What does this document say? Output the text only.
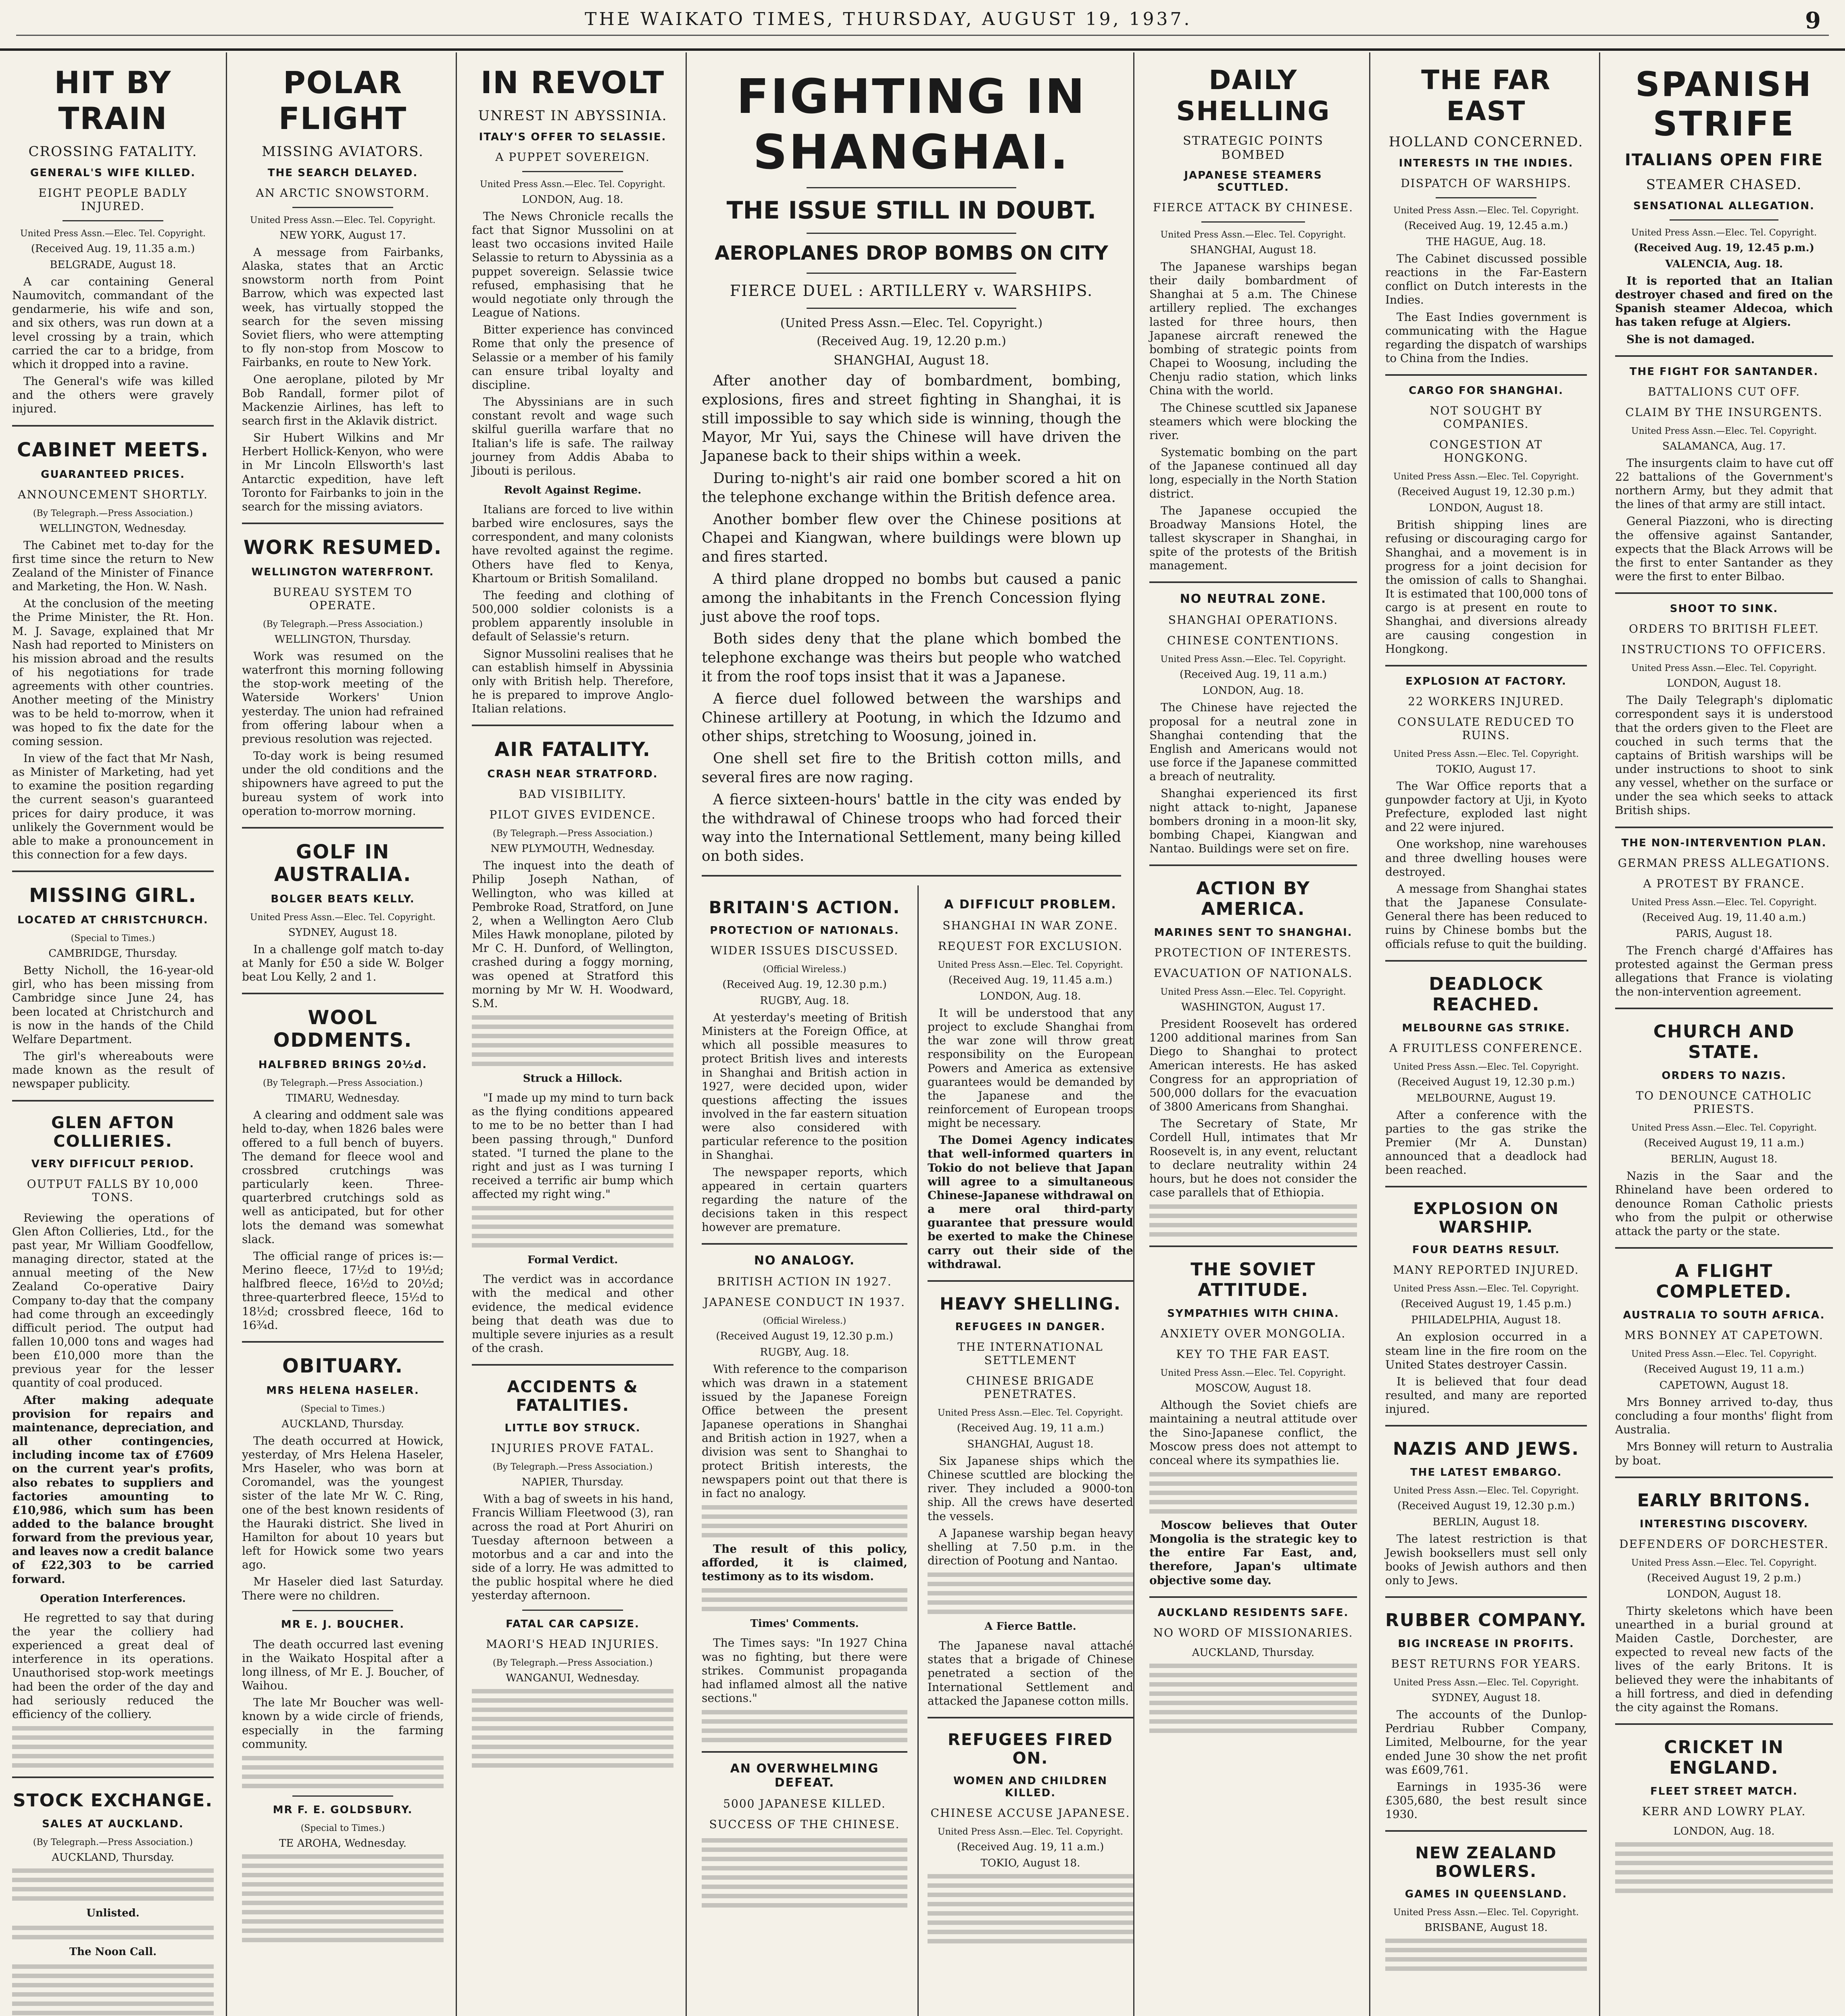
THE WAIKATO TIMES, THURSDAY, AUGUST 19, 1937.	9
HIT BY TRAIN
CROSSING FATALITY.
GENERAL'S WIFE KILLED.
EIGHT PEOPLE BADLY INJURED.
United Press Assn.—Elec. Tel. Copyright.
(Received Aug. 19, 11.35 a.m.)
BELGRADE, August 18.

A car containing General Naumovitch, commandant of the gendarmerie, his wife and son, and six others, was run down at a level crossing by a train, which carried the car to a bridge, from which it dropped into a ravine.

The General's wife was killed and the others were gravely injured.

CABINET MEETS.
GUARANTEED PRICES.
ANNOUNCEMENT SHORTLY.
(By Telegraph.—Press Association.)
WELLINGTON, Wednesday.

The Cabinet met to-day for the first time since the return to New Zealand of the Minister of Finance and Marketing, the Hon. W. Nash.

At the conclusion of the meeting the Prime Minister, the Rt. Hon. M. J. Savage, explained that Mr Nash had reported to Ministers on his mission abroad and the results of his negotiations for trade agreements with other countries. Another meeting of the Ministry was to be held to-morrow, when it was hoped to fix the date for the coming session.

In view of the fact that Mr Nash, as Minister of Marketing, had yet to examine the position regarding the current season's guaranteed prices for dairy produce, it was unlikely the Government would be able to make a pronouncement in this connection for a few days.

MISSING GIRL.
LOCATED AT CHRISTCHURCH.
(Special to Times.)
CAMBRIDGE, Thursday.

Betty Nicholl, the 16-year-old girl, who has been missing from Cambridge since June 24, has been located at Christchurch and is now in the hands of the Child Welfare Department.

The girl's whereabouts were made known as the result of newspaper publicity.

GLEN AFTON COLLIERIES.
VERY DIFFICULT PERIOD.
OUTPUT FALLS BY 10,000 TONS.

Reviewing the operations of Glen Afton Collieries, Ltd., for the past year, Mr William Goodfellow, managing director, stated at the annual meeting of the New Zealand Co-operative Dairy Company to-day that the company had come through an exceedingly difficult period. The output had fallen 10,000 tons and wages had been £10,000 more than the previous year for the lesser quantity of coal produced.

After making adequate provision for repairs and maintenance, depreciation, and all other contingencies, including income tax of £7609 on the current year's profits, also rebates to suppliers and factories amounting to £10,986, which sum has been added to the balance brought forward from the previous year, and leaves now a credit balance of £22,303 to be carried forward.

Operation Interferences.

He regretted to say that during the year the colliery had experienced a great deal of interference in its operations. Unauthorised stop-work meetings had been the order of the day and had seriously reduced the efficiency of the colliery.

STOCK EXCHANGE.
SALES AT AUCKLAND.
(By Telegraph.—Press Association.)
AUCKLAND, Thursday.
Unlisted.
The Noon Call.
POLAR FLIGHT
MISSING AVIATORS.
THE SEARCH DELAYED.
AN ARCTIC SNOWSTORM.
United Press Assn.—Elec. Tel. Copyright.
NEW YORK, August 17.

A message from Fairbanks, Alaska, states that an Arctic snowstorm north from Point Barrow, which was expected last week, has virtually stopped the search for the seven missing Soviet fliers, who were attempting to fly non-stop from Moscow to Fairbanks, en route to New York.

One aeroplane, piloted by Mr Bob Randall, former pilot of Mackenzie Airlines, has left to search first in the Aklavik district.

Sir Hubert Wilkins and Mr Herbert Hollick-Kenyon, who were in Mr Lincoln Ellsworth's last Antarctic expedition, have left Toronto for Fairbanks to join in the search for the missing aviators.

WORK RESUMED.
WELLINGTON WATERFRONT.
BUREAU SYSTEM TO OPERATE.
(By Telegraph.—Press Association.)
WELLINGTON, Thursday.

Work was resumed on the waterfront this morning following the stop-work meeting of the Waterside Workers' Union yesterday. The union had refrained from offering labour when a previous resolution was rejected.

To-day work is being resumed under the old conditions and the shipowners have agreed to put the bureau system of work into operation to-morrow morning.

GOLF IN AUSTRALIA.
BOLGER BEATS KELLY.
United Press Assn.—Elec. Tel. Copyright.
SYDNEY, August 18.

In a challenge golf match to-day at Manly for £50 a side W. Bolger beat Lou Kelly, 2 and 1.

WOOL ODDMENTS.
HALFBRED BRINGS 20½d.
(By Telegraph.—Press Association.)
TIMARU, Wednesday.

A clearing and oddment sale was held to-day, when 1826 bales were offered to a full bench of buyers. The demand for fleece wool and crossbred crutchings was particularly keen. Three-quarterbred crutchings sold as well as anticipated, but for other lots the demand was somewhat slack.

The official range of prices is:— Merino fleece, 17½d to 19½d; halfbred fleece, 16½d to 20½d; three-quarterbred fleece, 15½d to 18½d; crossbred fleece, 16d to 16¾d.

OBITUARY.
MRS HELENA HASELER.
(Special to Times.)
AUCKLAND, Thursday.

The death occurred at Howick, yesterday, of Mrs Helena Haseler, Mrs Haseler, who was born at Coromandel, was the youngest sister of the late Mr W. C. Ring, one of the best known residents of the Hauraki district. She lived in Hamilton for about 10 years but left for Howick some two years ago.

Mr Haseler died last Saturday. There were no children.

MR E. J. BOUCHER.

The death occurred last evening in the Waikato Hospital after a long illness, of Mr E. J. Boucher, of Waihou.

The late Mr Boucher was well-known by a wide circle of friends, especially in the farming community.

MR F. E. GOLDSBURY.
(Special to Times.)
TE AROHA, Wednesday.
IN REVOLT
UNREST IN ABYSSINIA.
ITALY'S OFFER TO SELASSIE.
A PUPPET SOVEREIGN.
United Press Assn.—Elec. Tel. Copyright.
LONDON, Aug. 18.

The News Chronicle recalls the fact that Signor Mussolini on at least two occasions invited Haile Selassie to return to Abyssinia as a puppet sovereign. Selassie twice refused, emphasising that he would negotiate only through the League of Nations.

Bitter experience has convinced Rome that only the presence of Selassie or a member of his family can ensure tribal loyalty and discipline.

The Abyssinians are in such constant revolt and wage such skilful guerilla warfare that no Italian's life is safe. The railway journey from Addis Ababa to Jibouti is perilous.

Revolt Against Regime.

Italians are forced to live within barbed wire enclosures, says the correspondent, and many colonists have revolted against the regime. Others have fled to Kenya, Khartoum or British Somaliland.

The feeding and clothing of 500,000 soldier colonists is a problem apparently insoluble in default of Selassie's return.

Signor Mussolini realises that he can establish himself in Abyssinia only with British help. Therefore, he is prepared to improve Anglo-Italian relations.

AIR FATALITY.
CRASH NEAR STRATFORD.
BAD VISIBILITY.
PILOT GIVES EVIDENCE.
(By Telegraph.—Press Association.)
NEW PLYMOUTH, Wednesday.

The inquest into the death of Philip Joseph Nathan, of Wellington, who was killed at Pembroke Road, Stratford, on June 2, when a Wellington Aero Club Miles Hawk monoplane, piloted by Mr C. H. Dunford, of Wellington, crashed during a foggy morning, was opened at Stratford this morning by Mr W. H. Woodward, S.M.

Struck a Hillock.

"I made up my mind to turn back as the flying conditions appeared to me to be no better than I had been passing through," Dunford stated. "I turned the plane to the right and just as I was turning I received a terrific air bump which affected my right wing."

Formal Verdict.

The verdict was in accordance with the medical and other evidence, the medical evidence being that death was due to multiple severe injuries as a result of the crash.

ACCIDENTS & FATALITIES.
LITTLE BOY STRUCK.
INJURIES PROVE FATAL.
(By Telegraph.—Press Association.)
NAPIER, Thursday.

With a bag of sweets in his hand, Francis William Fleetwood (3), ran across the road at Port Ahuriri on Tuesday afternoon between a motorbus and a car and into the side of a lorry. He was admitted to the public hospital where he died yesterday afternoon.

FATAL CAR CAPSIZE.
MAORI'S HEAD INJURIES.
(By Telegraph.—Press Association.)
WANGANUI, Wednesday.
FIGHTING IN SHANGHAI.
THE ISSUE STILL IN DOUBT.
AEROPLANES DROP BOMBS ON CITY
FIERCE DUEL : ARTILLERY v. WARSHIPS.
(United Press Assn.—Elec. Tel. Copyright.)
(Received Aug. 19, 12.20 p.m.)
SHANGHAI, August 18.

After another day of bombardment, bombing, explosions, fires and street fighting in Shanghai, it is still impossible to say which side is winning, though the Mayor, Mr Yui, says the Chinese will have driven the Japanese back to their ships within a week.

During to-night's air raid one bomber scored a hit on the telephone exchange within the British defence area.

Another bomber flew over the Chinese positions at Chapei and Kiangwan, where buildings were blown up and fires started.

A third plane dropped no bombs but caused a panic among the inhabitants in the French Concession flying just above the roof tops.

Both sides deny that the plane which bombed the telephone exchange was theirs but people who watched it from the roof tops insist that it was a Japanese.

A fierce duel followed between the warships and Chinese artillery at Pootung, in which the Idzumo and other ships, stretching to Woosung, joined in.

One shell set fire to the British cotton mills, and several fires are now raging.

A fierce sixteen-hours' battle in the city was ended by the withdrawal of Chinese troops who had forced their way into the International Settlement, many being killed on both sides.

BRITAIN'S ACTION.
PROTECTION OF NATIONALS.
WIDER ISSUES DISCUSSED.
(Official Wireless.)
(Received Aug. 19, 12.30 p.m.)
RUGBY, Aug. 18.

At yesterday's meeting of British Ministers at the Foreign Office, at which all possible measures to protect British lives and interests in Shanghai and British action in 1927, were decided upon, wider questions affecting the issues involved in the far eastern situation were also considered with particular reference to the position in Shanghai.

The newspaper reports, which appeared in certain quarters regarding the nature of the decisions taken in this respect however are premature.

NO ANALOGY.
BRITISH ACTION IN 1927.
JAPANESE CONDUCT IN 1937.
(Official Wireless.)
(Received August 19, 12.30 p.m.)
RUGBY, Aug. 18.

With reference to the comparison which was drawn in a statement issued by the Japanese Foreign Office between the present Japanese operations in Shanghai and British action in 1927, when a division was sent to Shanghai to protect British interests, the newspapers point out that there is in fact no analogy.

The result of this policy, afforded, it is claimed, testimony as to its wisdom.

Times' Comments.

The Times says: "In 1927 China was no fighting, but there were strikes. Communist propaganda had inflamed almost all the native sections."

AN OVERWHELMING DEFEAT.
5000 JAPANESE KILLED.
SUCCESS OF THE CHINESE.
A DIFFICULT PROBLEM.
SHANGHAI IN WAR ZONE.
REQUEST FOR EXCLUSION.
United Press Assn.—Elec. Tel. Copyright.
(Received Aug. 19, 11.45 a.m.)
LONDON, Aug. 18.

It will be understood that any project to exclude Shanghai from the war zone will throw great responsibility on the European Powers and America as extensive guarantees would be demanded by the Japanese and the reinforcement of European troops might be necessary.

The Domei Agency indicates that well-informed quarters in Tokio do not believe that Japan will agree to a simultaneous Chinese-Japanese withdrawal on a mere oral third-party guarantee that pressure would be exerted to make the Chinese carry out their side of the withdrawal.

HEAVY SHELLING.
REFUGEES IN DANGER.
THE INTERNATIONAL SETTLEMENT
CHINESE BRIGADE PENETRATES.
United Press Assn.—Elec. Tel. Copyright.
(Received Aug. 19, 11 a.m.)
SHANGHAI, August 18.

Six Japanese ships which the Chinese scuttled are blocking the river. They included a 9000-ton ship. All the crews have deserted the vessels.

A Japanese warship began heavy shelling at 7.50 p.m. in the direction of Pootung and Nantao.

A Fierce Battle.

The Japanese naval attaché states that a brigade of Chinese penetrated a section of the International Settlement and attacked the Japanese cotton mills.

REFUGEES FIRED ON.
WOMEN AND CHILDREN KILLED.
CHINESE ACCUSE JAPANESE.
United Press Assn.—Elec. Tel. Copyright.
(Received Aug. 19, 11 a.m.)
TOKIO, August 18.
DAILY SHELLING
STRATEGIC POINTS BOMBED
JAPANESE STEAMERS SCUTTLED.
FIERCE ATTACK BY CHINESE.
United Press Assn.—Elec. Tel. Copyright.
SHANGHAI, August 18.

The Japanese warships began their daily bombardment of Shanghai at 5 a.m. The Chinese artillery replied. The exchanges lasted for three hours, then Japanese aircraft renewed the bombing of strategic points from Chapei to Woosung, including the Chenju radio station, which links China with the world.

The Chinese scuttled six Japanese steamers which were blocking the river.

Systematic bombing on the part of the Japanese continued all day long, especially in the North Station district.

The Japanese occupied the Broadway Mansions Hotel, the tallest skyscraper in Shanghai, in spite of the protests of the British management.

NO NEUTRAL ZONE.
SHANGHAI OPERATIONS.
CHINESE CONTENTIONS.
United Press Assn.—Elec. Tel. Copyright.
(Received Aug. 19, 11 a.m.)
LONDON, Aug. 18.

The Chinese have rejected the proposal for a neutral zone in Shanghai contending that the English and Americans would not use force if the Japanese committed a breach of neutrality.

Shanghai experienced its first night attack to-night, Japanese bombers droning in a moon-lit sky, bombing Chapei, Kiangwan and Nantao. Buildings were set on fire.

ACTION BY AMERICA.
MARINES SENT TO SHANGHAI.
PROTECTION OF INTERESTS.
EVACUATION OF NATIONALS.
United Press Assn.—Elec. Tel. Copyright.
WASHINGTON, August 17.

President Roosevelt has ordered 1200 additional marines from San Diego to Shanghai to protect American interests. He has asked Congress for an appropriation of 500,000 dollars for the evacuation of 3800 Americans from Shanghai.

The Secretary of State, Mr Cordell Hull, intimates that Mr Roosevelt is, in any event, reluctant to declare neutrality within 24 hours, but he does not consider the case parallels that of Ethiopia.

THE SOVIET ATTITUDE.
SYMPATHIES WITH CHINA.
ANXIETY OVER MONGOLIA.
KEY TO THE FAR EAST.
United Press Assn.—Elec. Tel. Copyright.
MOSCOW, August 18.

Although the Soviet chiefs are maintaining a neutral attitude over the Sino-Japanese conflict, the Moscow press does not attempt to conceal where its sympathies lie.

Moscow believes that Outer Mongolia is the strategic key to the entire Far East, and, therefore, Japan's ultimate objective some day.

AUCKLAND RESIDENTS SAFE.
NO WORD OF MISSIONARIES.
AUCKLAND, Thursday.
THE FAR EAST
HOLLAND CONCERNED.
INTERESTS IN THE INDIES.
DISPATCH OF WARSHIPS.
United Press Assn.—Elec. Tel. Copyright.
(Received Aug. 19, 12.45 a.m.)
THE HAGUE, Aug. 18.

The Cabinet discussed possible reactions in the Far-Eastern conflict on Dutch interests in the Indies.

The East Indies government is communicating with the Hague regarding the dispatch of warships to China from the Indies.

CARGO FOR SHANGHAI.
NOT SOUGHT BY COMPANIES.
CONGESTION AT HONGKONG.
United Press Assn.—Elec. Tel. Copyright.
(Received August 19, 12.30 p.m.)
LONDON, August 18.

British shipping lines are refusing or discouraging cargo for Shanghai, and a movement is in progress for a joint decision for the omission of calls to Shanghai. It is estimated that 100,000 tons of cargo is at present en route to Shanghai, and diversions already are causing congestion in Hongkong.

EXPLOSION AT FACTORY.
22 WORKERS INJURED.
CONSULATE REDUCED TO RUINS.
United Press Assn.—Elec. Tel. Copyright.
TOKIO, August 17.

The War Office reports that a gunpowder factory at Uji, in Kyoto Prefecture, exploded last night and 22 were injured.

One workshop, nine warehouses and three dwelling houses were destroyed.

A message from Shanghai states that the Japanese Consulate-General there has been reduced to ruins by Chinese bombs but the officials refuse to quit the building.

DEADLOCK REACHED.
MELBOURNE GAS STRIKE.
A FRUITLESS CONFERENCE.
United Press Assn.—Elec. Tel. Copyright.
(Received August 19, 12.30 p.m.)
MELBOURNE, August 19.

After a conference with the parties to the gas strike the Premier (Mr A. Dunstan) announced that a deadlock had been reached.

EXPLOSION ON WARSHIP.
FOUR DEATHS RESULT.
MANY REPORTED INJURED.
United Press Assn.—Elec. Tel. Copyright.
(Received August 19, 1.45 p.m.)
PHILADELPHIA, August 18.

An explosion occurred in a steam line in the fire room on the United States destroyer Cassin.

It is believed that four dead resulted, and many are reported injured.

NAZIS AND JEWS.
THE LATEST EMBARGO.
United Press Assn.—Elec. Tel. Copyright.
(Received August 19, 12.30 p.m.)
BERLIN, August 18.

The latest restriction is that Jewish booksellers must sell only books of Jewish authors and then only to Jews.

RUBBER COMPANY.
BIG INCREASE IN PROFITS.
BEST RETURNS FOR YEARS.
United Press Assn.—Elec. Tel. Copyright.
SYDNEY, August 18.

The accounts of the Dunlop-Perdriau Rubber Company, Limited, Melbourne, for the year ended June 30 show the net profit was £609,761.

Earnings in 1935-36 were £305,680, the best result since 1930.

NEW ZEALAND BOWLERS.
GAMES IN QUEENSLAND.
United Press Assn.—Elec. Tel. Copyright.
BRISBANE, August 18.
SPANISH STRIFE
ITALIANS OPEN FIRE
STEAMER CHASED.
SENSATIONAL ALLEGATION.
United Press Assn.—Elec. Tel. Copyright.
(Received Aug. 19, 12.45 p.m.)
VALENCIA, Aug. 18.

It is reported that an Italian destroyer chased and fired on the Spanish steamer Aldecoa, which has taken refuge at Algiers.

She is not damaged.

THE FIGHT FOR SANTANDER.
BATTALIONS CUT OFF.
CLAIM BY THE INSURGENTS.
United Press Assn.—Elec. Tel. Copyright.
SALAMANCA, Aug. 17.

The insurgents claim to have cut off 22 battalions of the Government's northern Army, but they admit that the lines of that army are still intact.

General Piazzoni, who is directing the offensive against Santander, expects that the Black Arrows will be the first to enter Santander as they were the first to enter Bilbao.

SHOOT TO SINK.
ORDERS TO BRITISH FLEET.
INSTRUCTIONS TO OFFICERS.
United Press Assn.—Elec. Tel. Copyright.
LONDON, August 18.

The Daily Telegraph's diplomatic correspondent says it is understood that the orders given to the Fleet are couched in such terms that the captains of British warships will be under instructions to shoot to sink any vessel, whether on the surface or under the sea which seeks to attack British ships.

THE NON-INTERVENTION PLAN.
GERMAN PRESS ALLEGATIONS.
A PROTEST BY FRANCE.
United Press Assn.—Elec. Tel. Copyright.
(Received Aug. 19, 11.40 a.m.)
PARIS, August 18.

The French chargé d'Affaires has protested against the German press allegations that France is violating the non-intervention agreement.

CHURCH AND STATE.
ORDERS TO NAZIS.
TO DENOUNCE CATHOLIC PRIESTS.
United Press Assn.—Elec. Tel. Copyright.
(Received August 19, 11 a.m.)
BERLIN, August 18.

Nazis in the Saar and the Rhineland have been ordered to denounce Roman Catholic priests who from the pulpit or otherwise attack the party or the state.

A FLIGHT COMPLETED.
AUSTRALIA TO SOUTH AFRICA.
MRS BONNEY AT CAPETOWN.
United Press Assn.—Elec. Tel. Copyright.
(Received August 19, 11 a.m.)
CAPETOWN, August 18.

Mrs Bonney arrived to-day, thus concluding a four months' flight from Australia.

Mrs Bonney will return to Australia by boat.

EARLY BRITONS.
INTERESTING DISCOVERY.
DEFENDERS OF DORCHESTER.
United Press Assn.—Elec. Tel. Copyright.
(Received August 19, 2 p.m.)
LONDON, August 18.

Thirty skeletons which have been unearthed in a burial ground at Maiden Castle, Dorchester, are expected to reveal new facts of the lives of the early Britons. It is believed they were the inhabitants of a hill fortress, and died in defending the city against the Romans.

CRICKET IN ENGLAND.
FLEET STREET MATCH.
KERR AND LOWRY PLAY.
LONDON, Aug. 18.
